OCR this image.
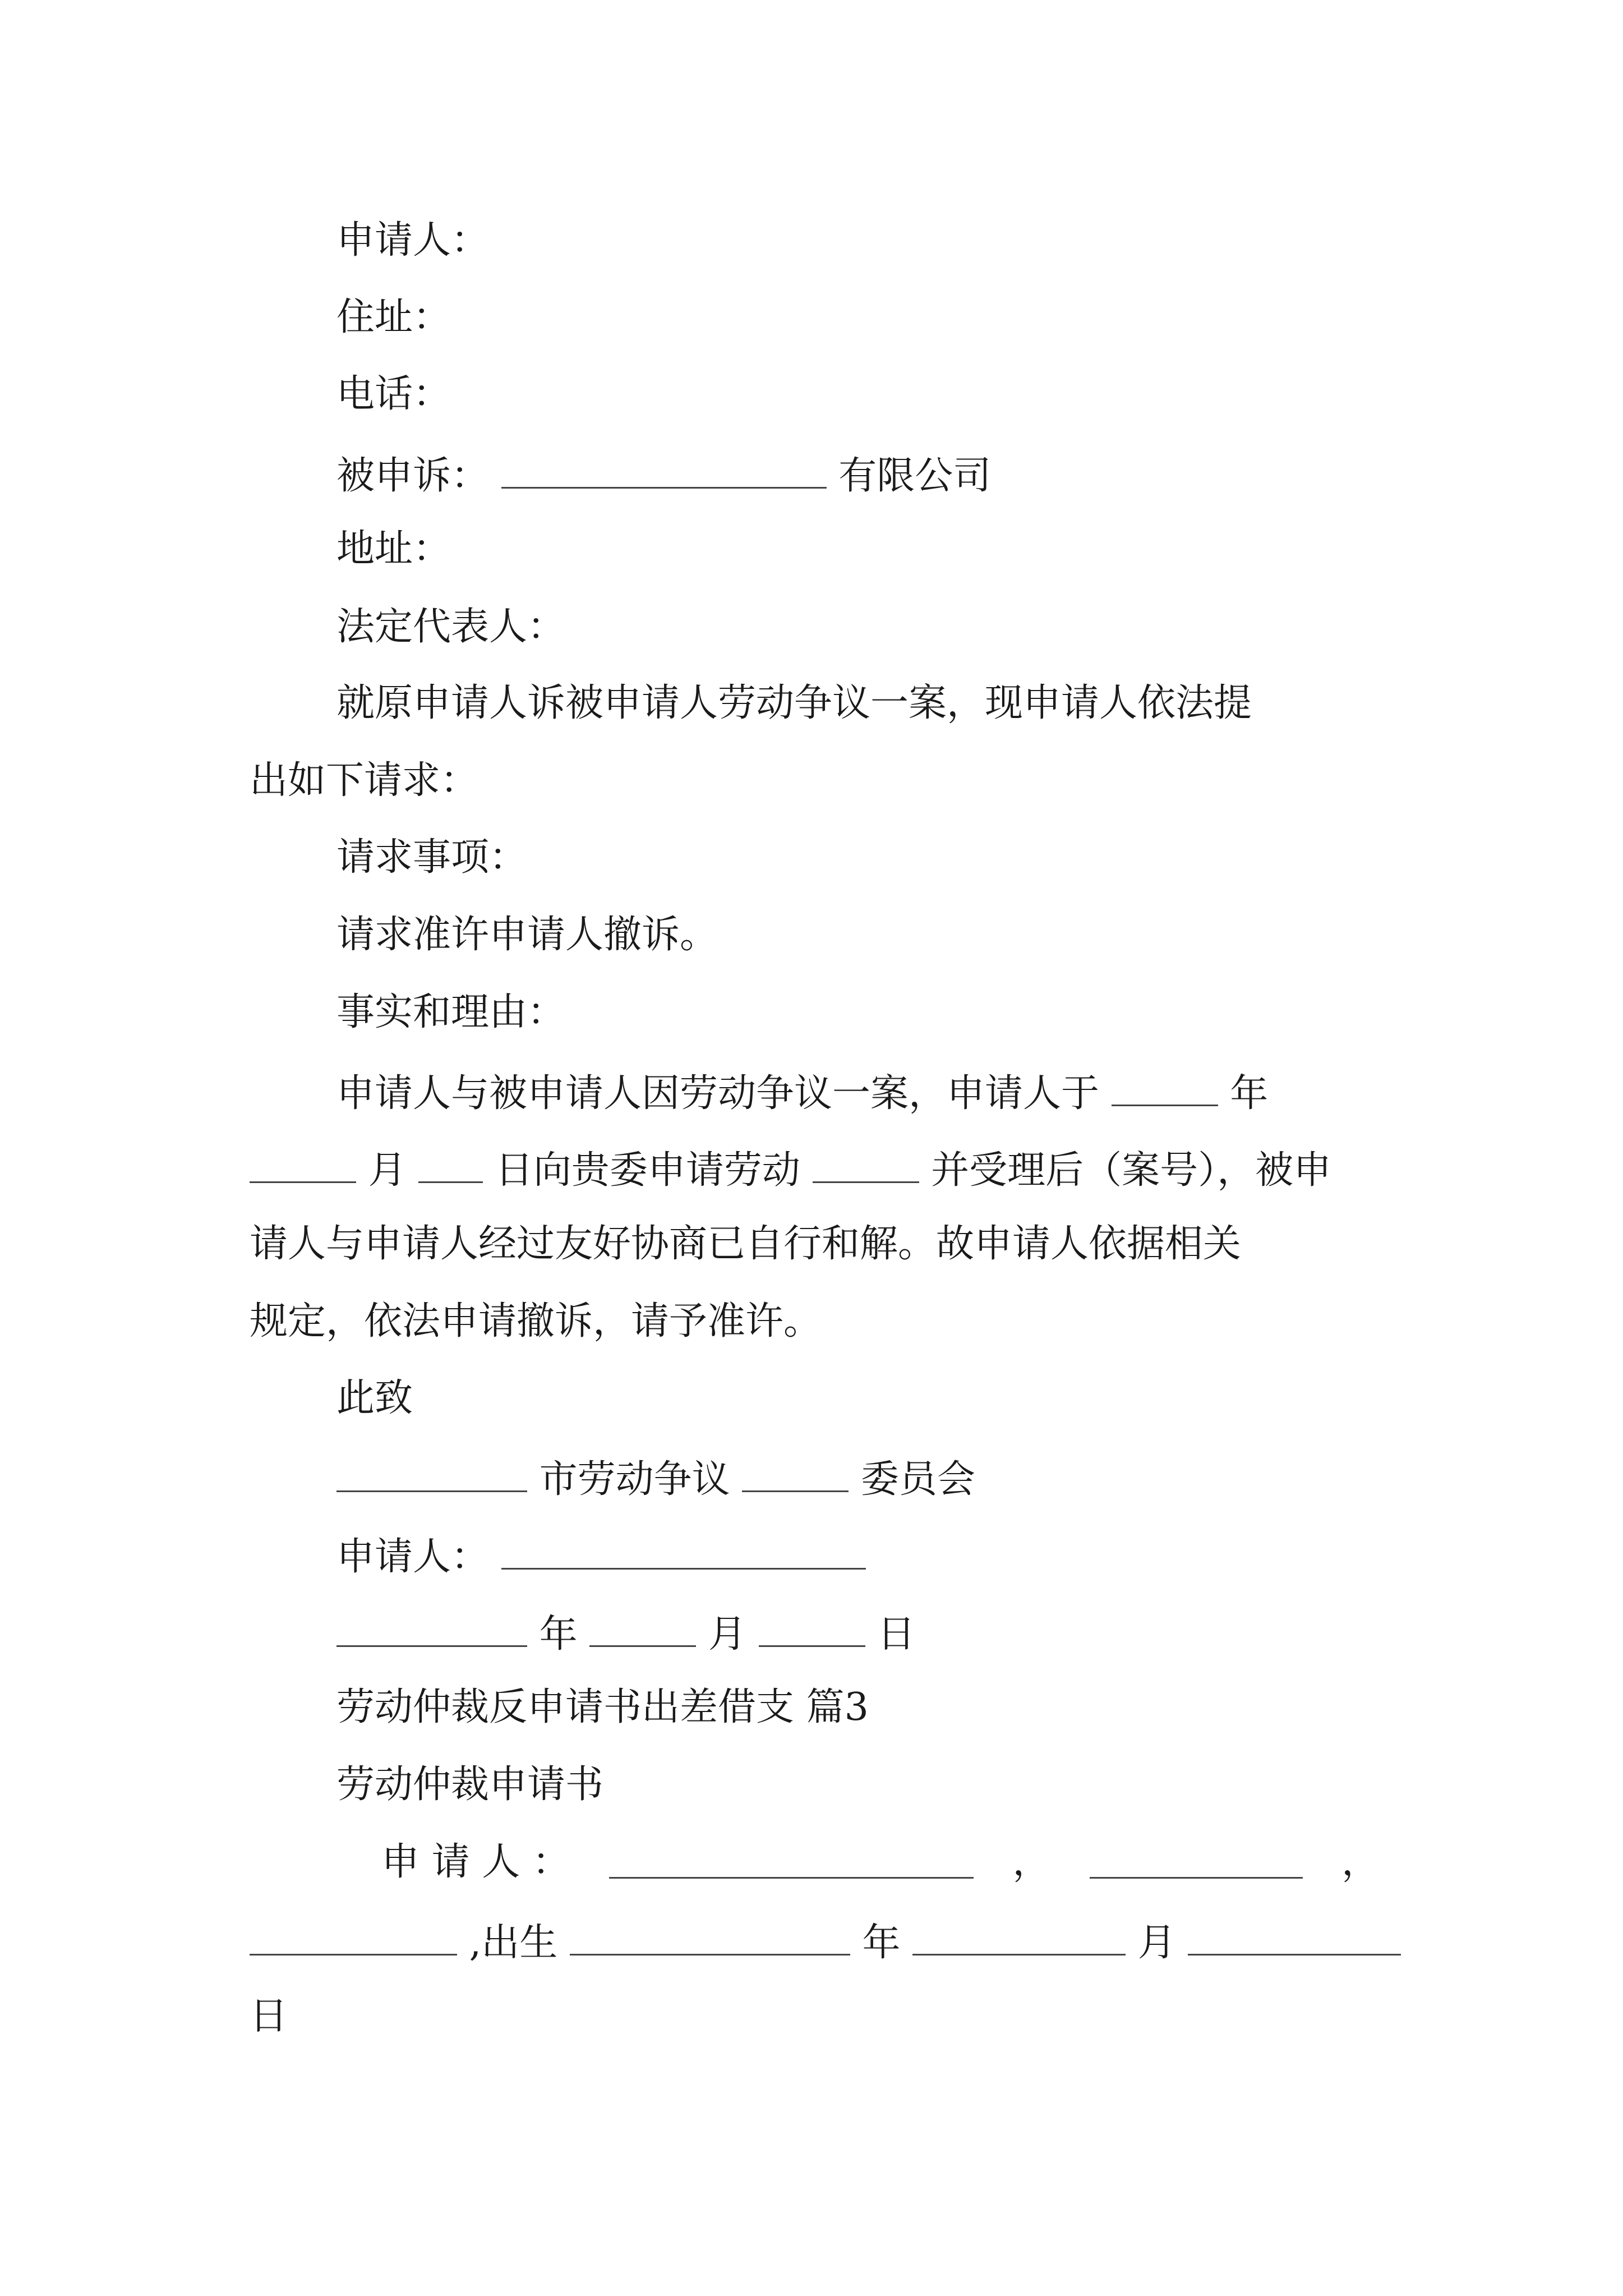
申请人：
住址：
电话：
被申诉：	有限公司
地址：
法定代表人：
就原申请人诉被申请人劳动争议一案，现申请人依法提
出如下请求：
请求事项：
请求准许申请人撤诉。
事实和理由：
申请人与被申请人因劳动争议一案，申请人于	年
月 日向贵委申请劳动	并受理后（案号），被申
请人与申请人经过友好协商已自行和解。故申请人依据相关
规定，依法申请撤诉，请予准许。
此致
市劳动争议	委员会
申请人：
年	月	日
劳动仲裁反申请书出差借支 篇3
劳动仲裁申请书
申 请 人 ：	，	，
,出生	年	月
日
